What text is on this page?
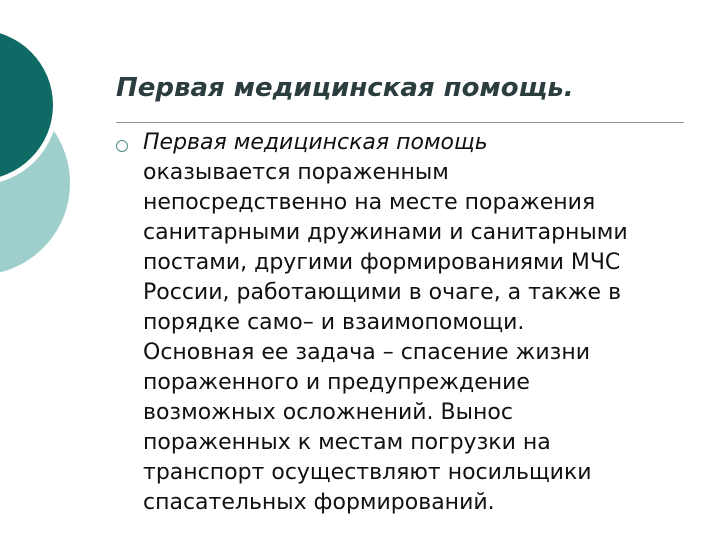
Первая медицинская помощь.

Первая медицинская помощь
оказывается пораженным
непосредственно на месте поражения
санитарными дружинами и санитарными
постами, другими формированиями МЧС
России, работающими в очаге, а также в
порядке само– и взаимопомощи.
Основная ее задача – спасение жизни
пораженного и предупреждение
возможных осложнений. Вынос
пораженных к местам погрузки на
транспорт осуществляют носильщики
спасательных формирований.
